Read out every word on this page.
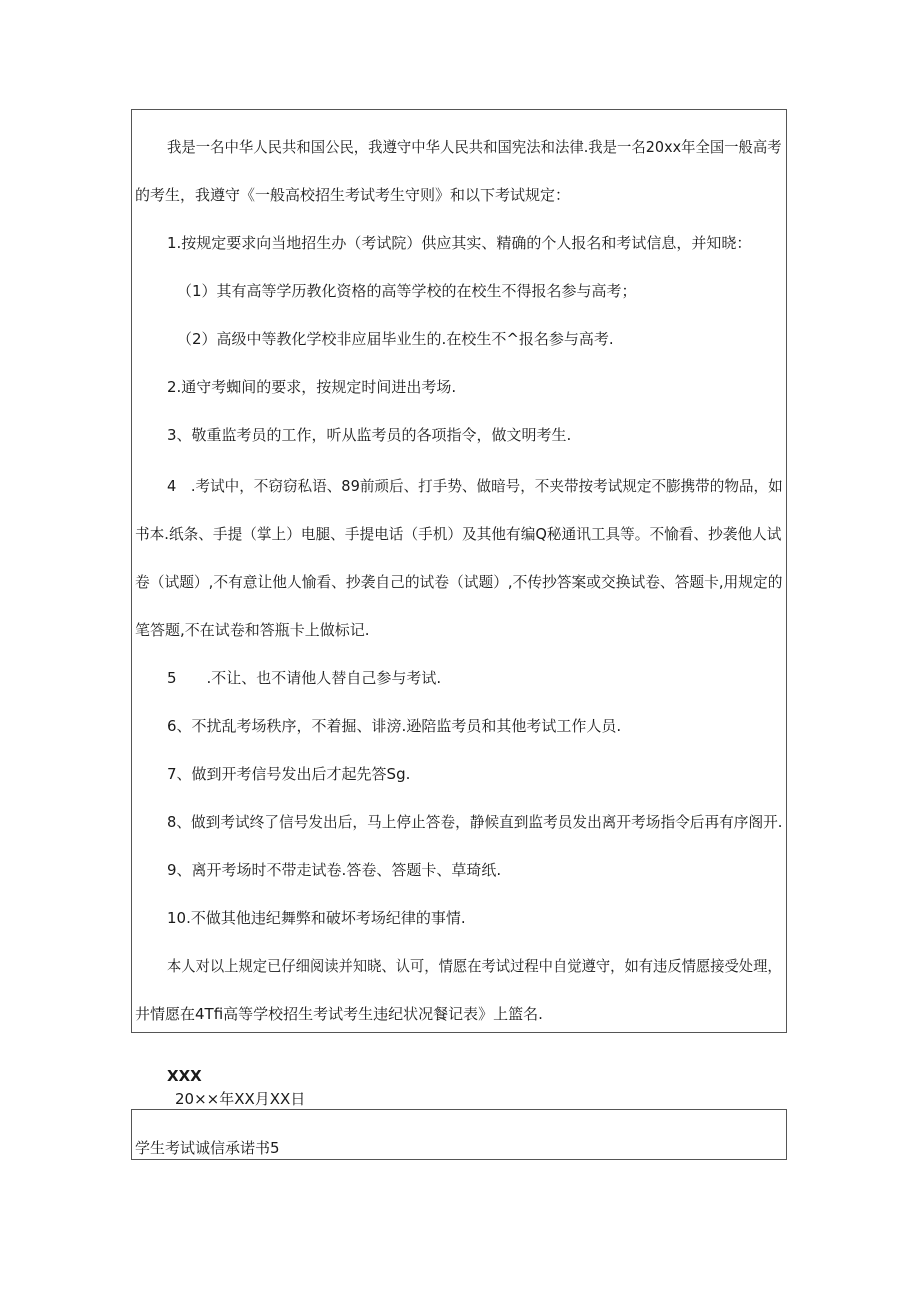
我是一名中华人民共和国公民，我遵守中华人民共和国宪法和法律.我是一名20xx年全国一般高考
的考生，我遵守《一般高校招生考试考生守则》和以下考试规定：
1.按规定要求向当地招生办（考试院）供应其实、精确的个人报名和考试信息，并知晓：
（1）其有高等学历教化资格的高等学校的在校生不得报名参与高考；
（2）高级中等教化学校非应届毕业生的.在校生不^报名参与高考.
2.通守考蜘间的要求，按规定时间进出考场.
3、敬重监考员的工作，听从监考员的各项指令，做文明考生.
4　.考试中，不窃窃私语、89前顽后、打手势、做暗号，不夹带按考试规定不膨携带的物品，如
书本.纸条、手提（掌上）电腿、手提电话（手机）及其他有编Q秘通讯工具等。不愉看、抄袭他人试
卷（试题）,不有意让他人愉看、抄袭自己的试卷（试题）,不传抄答案或交换试卷、答题卡,用规定的
笔答题,不在试卷和答瓶卡上做标记.
5　　.不让、也不请他人替自己参与考试.
6、不扰乱考场秩序，不着掘、诽滂.逊陪监考员和其他考试工作人员.
7、做到开考信号发出后才起先答Sg.
8、做到考试终了信号发出后，马上停止答卷，静候直到监考员发出离开考场指令后再有序阁开.
9、离开考场时不带走试卷.答卷、答题卡、草琦纸.
10.不做其他违纪舞弊和破坏考场纪律的事情.
本人对以上规定已仔细阅读并知晓、认可，情愿在考试过程中自觉遵守，如有违反情愿接受处理，
井情愿在4Tfi高等学校招生考试考生违纪状况餐记表》上篮名.
XXX
20××年XX月XX日
学生考试诚信承诺书5
